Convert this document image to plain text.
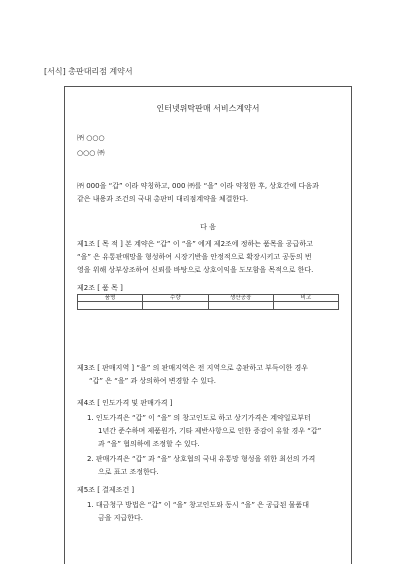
[서식] 총판대리점 계약서
인터넷위탁판매 서비스계약서
㈜ ○○○
○○○ ㈜
㈜ 000을 “갑” 이라 약칭하고, 000 ㈜를 “을” 이라 약칭한 후, 상호간에 다음과
같은 내용과 조건의 국내 총판비 대리점계약을 체결한다.
다 음
제1조 [ 목 적 ] 본 계약은 “갑” 이 “을” 에게 제2조에 정하는 품목을 공급하고
“을” 은 유통판매망을 형성하여 시장기반을 안정적으로 확장시키고 공동의 번
영을 위해 상부상조하여 신뢰를 바탕으로 상호이익을 도모함을 목적으로 한다.
제2조 [ 품 목 ]
품명	수량	생산공장	비고

제3조 [ 판매지역 ] “을” 의 판매지역은 전 지역으로 총판하고 부득이한 경우
“갑” 은 “을” 과 상의하여 변경할 수 있다.
제4조 [ 인도가격 및 판매가격 ]
1. 인도가격은 “갑” 이 “을” 의 창고인도로 하고 상기가격은 계약일로부터
1년간 준수하며 제품원가, 기타 제반사항으로 인한 증감이 유할 경우 “갑”
과 “을” 협의하에 조정할 수 있다.
2. 판매가격은 “갑” 과 “을” 상호협의 국내 유통망 형성을 위한 최선의 가격
으로 표고 조정한다.
제5조 [ 결제조건 ]
1. 대금청구 방법은 “갑” 이 “을” 창고인도와 동시 “을” 은 공급된 물품대
금을 지급한다.
